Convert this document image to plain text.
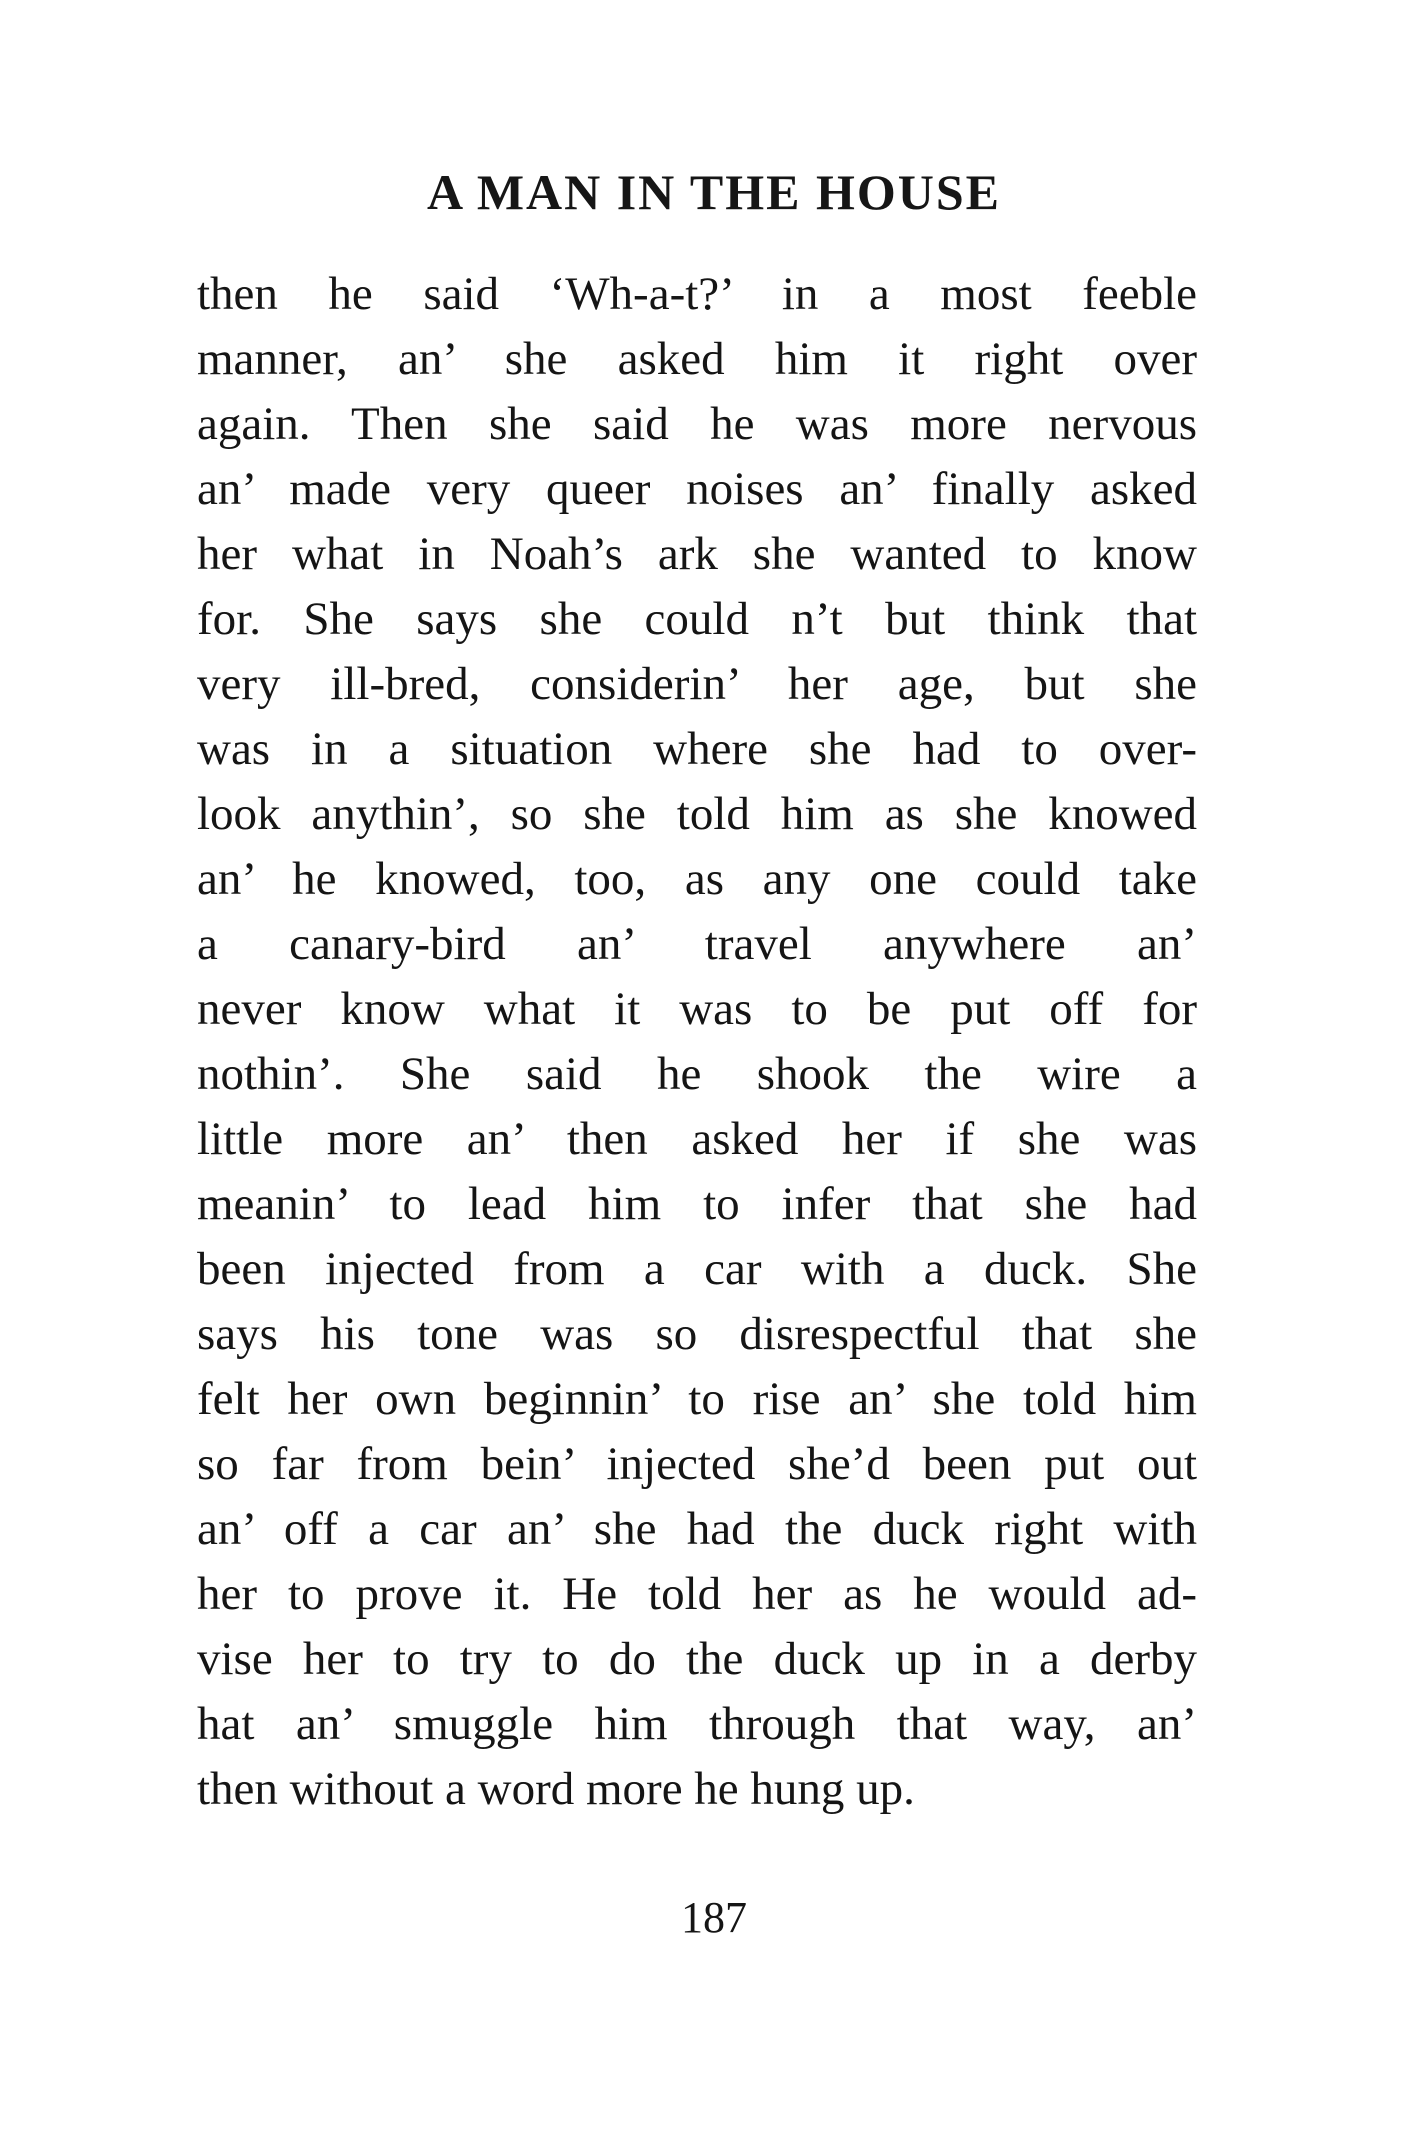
A MAN IN THE HOUSE
then he said ‘Wh-a-t?’ in a most feeble
manner, an’ she asked him it right over
again. Then she said he was more nervous
an’ made very queer noises an’ finally asked
her what in Noah’s ark she wanted to know
for. She says she could n’t but think that
very ill-bred, considerin’ her age, but she
was in a situation where she had to over-
look anythin’, so she told him as she knowed
an’ he knowed, too, as any one could take
a canary-bird an’ travel anywhere an’
never know what it was to be put off for
nothin’. She said he shook the wire a
little more an’ then asked her if she was
meanin’ to lead him to infer that she had
been injected from a car with a duck. She
says his tone was so disrespectful that she
felt her own beginnin’ to rise an’ she told him
so far from bein’ injected she’d been put out
an’ off a car an’ she had the duck right with
her to prove it. He told her as he would ad-
vise her to try to do the duck up in a derby
hat an’ smuggle him through that way, an’
then without a word more he hung up.
187
